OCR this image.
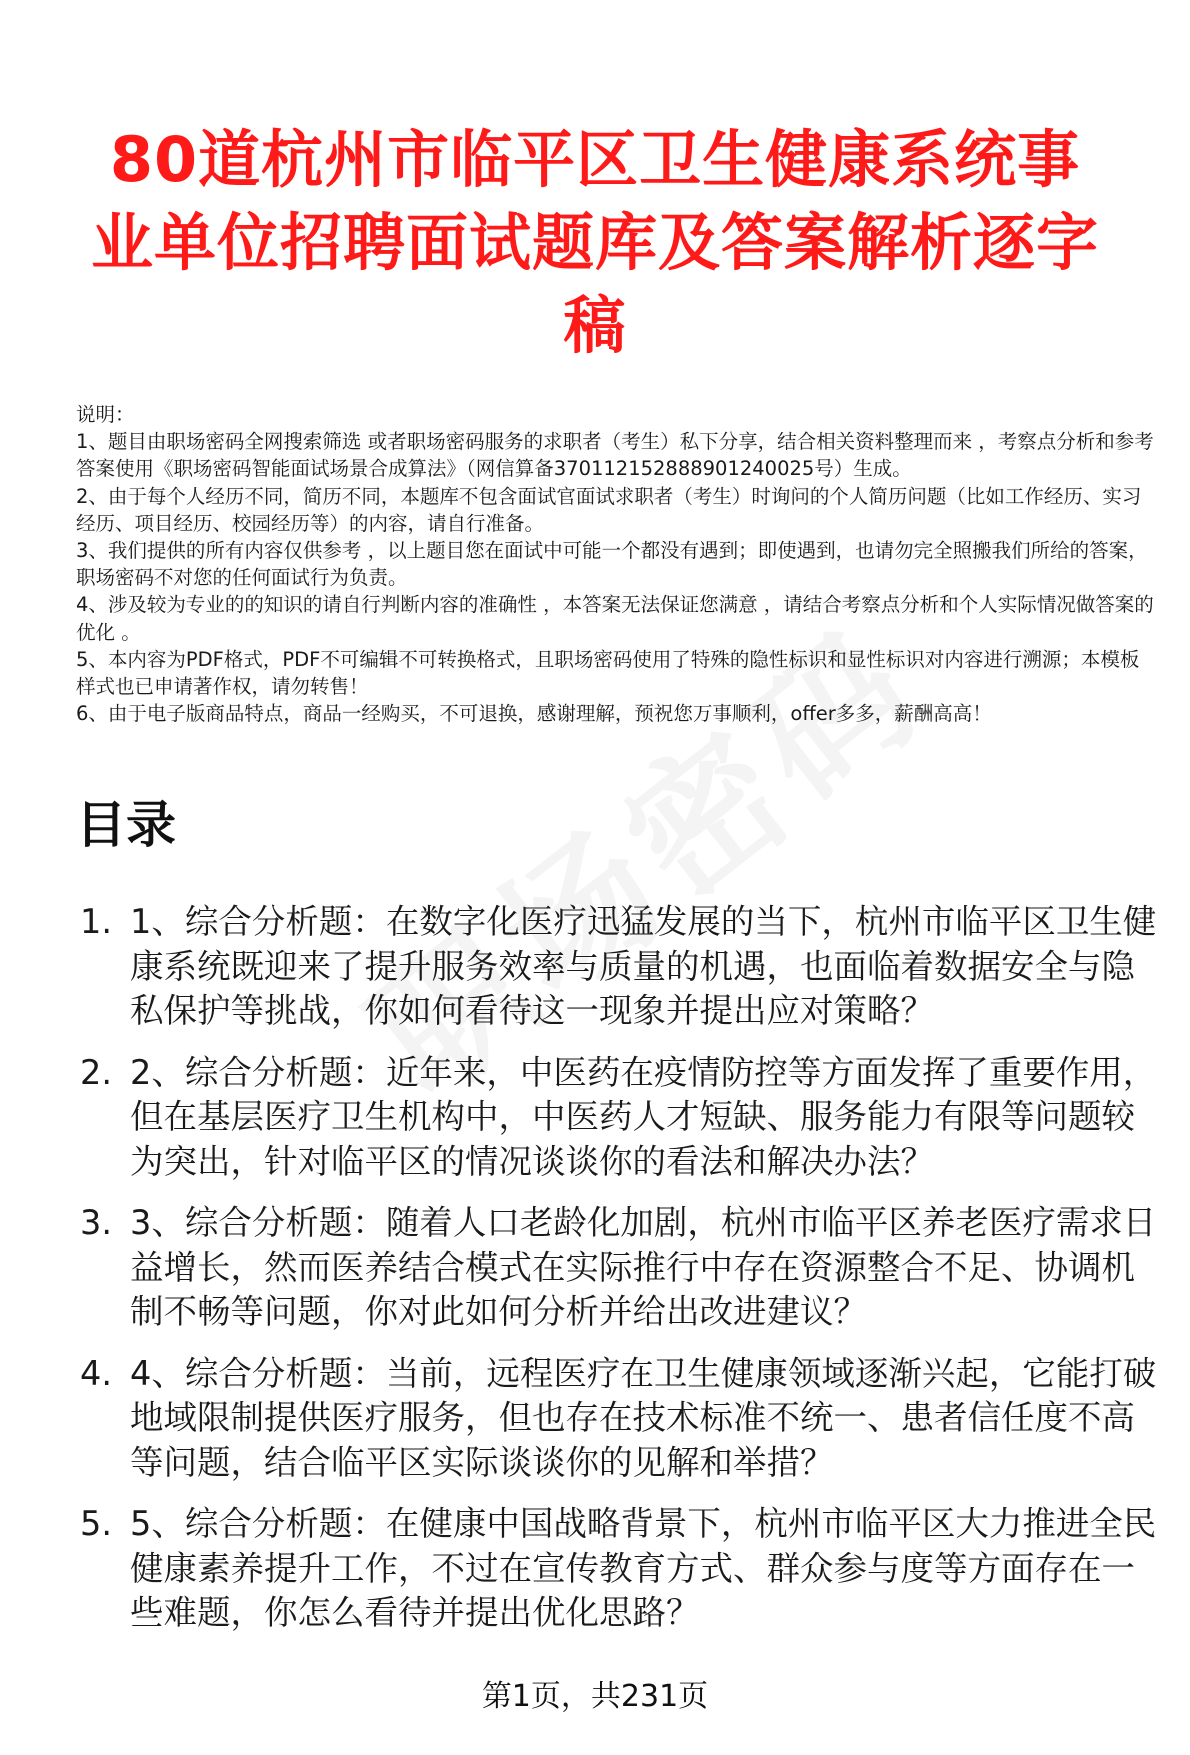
80道杭州市临平区卫生健康系统事业单位招聘面试题库及答案解析逐字稿

说明：

1、题目由职场密码全网搜索筛选 或者职场密码服务的求职者（考生）私下分享，结合相关资料整理而来 ，考察点分析和参考答案使用《职场密码智能面试场景合成算法》（网信算备370112152888901240025号）生成。

2、由于每个人经历不同，简历不同，本题库不包含面试官面试求职者（考生）时询问的个人简历问题（比如工作经历、实习经历、项目经历、校园经历等）的内容，请自行准备。

3、我们提供的所有内容仅供参考 ，以上题目您在面试中可能一个都没有遇到；即使遇到，也请勿完全照搬我们所给的答案，职场密码不对您的任何面试行为负责。

4、涉及较为专业的的知识的请自行判断内容的准确性 ，本答案无法保证您满意 ，请结合考察点分析和个人实际情况做答案的优化 。

5、本内容为PDF格式，PDF不可编辑不可转换格式，且职场密码使用了特殊的隐性标识和显性标识对内容进行溯源；本模板样式也已申请著作权，请勿转售！

6、由于电子版商品特点，商品一经购买，不可退换，感谢理解，预祝您万事顺利，offer多多，薪酬高高！

目录
1. 1、综合分析题：在数字化医疗迅猛发展的当下，杭州市临平区卫生健康系统既迎来了提升服务效率与质量的机遇，也面临着数据安全与隐私保护等挑战，你如何看待这一现象并提出应对策略？
2. 2、综合分析题：近年来，中医药在疫情防控等方面发挥了重要作用，但在基层医疗卫生机构中，中医药人才短缺、服务能力有限等问题较为突出，针对临平区的情况谈谈你的看法和解决办法？
3. 3、综合分析题：随着人口老龄化加剧，杭州市临平区养老医疗需求日益增长，然而医养结合模式在实际推行中存在资源整合不足、协调机制不畅等问题，你对此如何分析并给出改进建议？
4. 4、综合分析题：当前，远程医疗在卫生健康领域逐渐兴起，它能打破地域限制提供医疗服务，但也存在技术标准不统一、患者信任度不高等问题，结合临平区实际谈谈你的见解和举措？
5. 5、综合分析题：在健康中国战略背景下，杭州市临平区大力推进全民健康素养提升工作，不过在宣传教育方式、群众参与度等方面存在一些难题，你怎么看待并提出优化思路？
第1页，共231页
